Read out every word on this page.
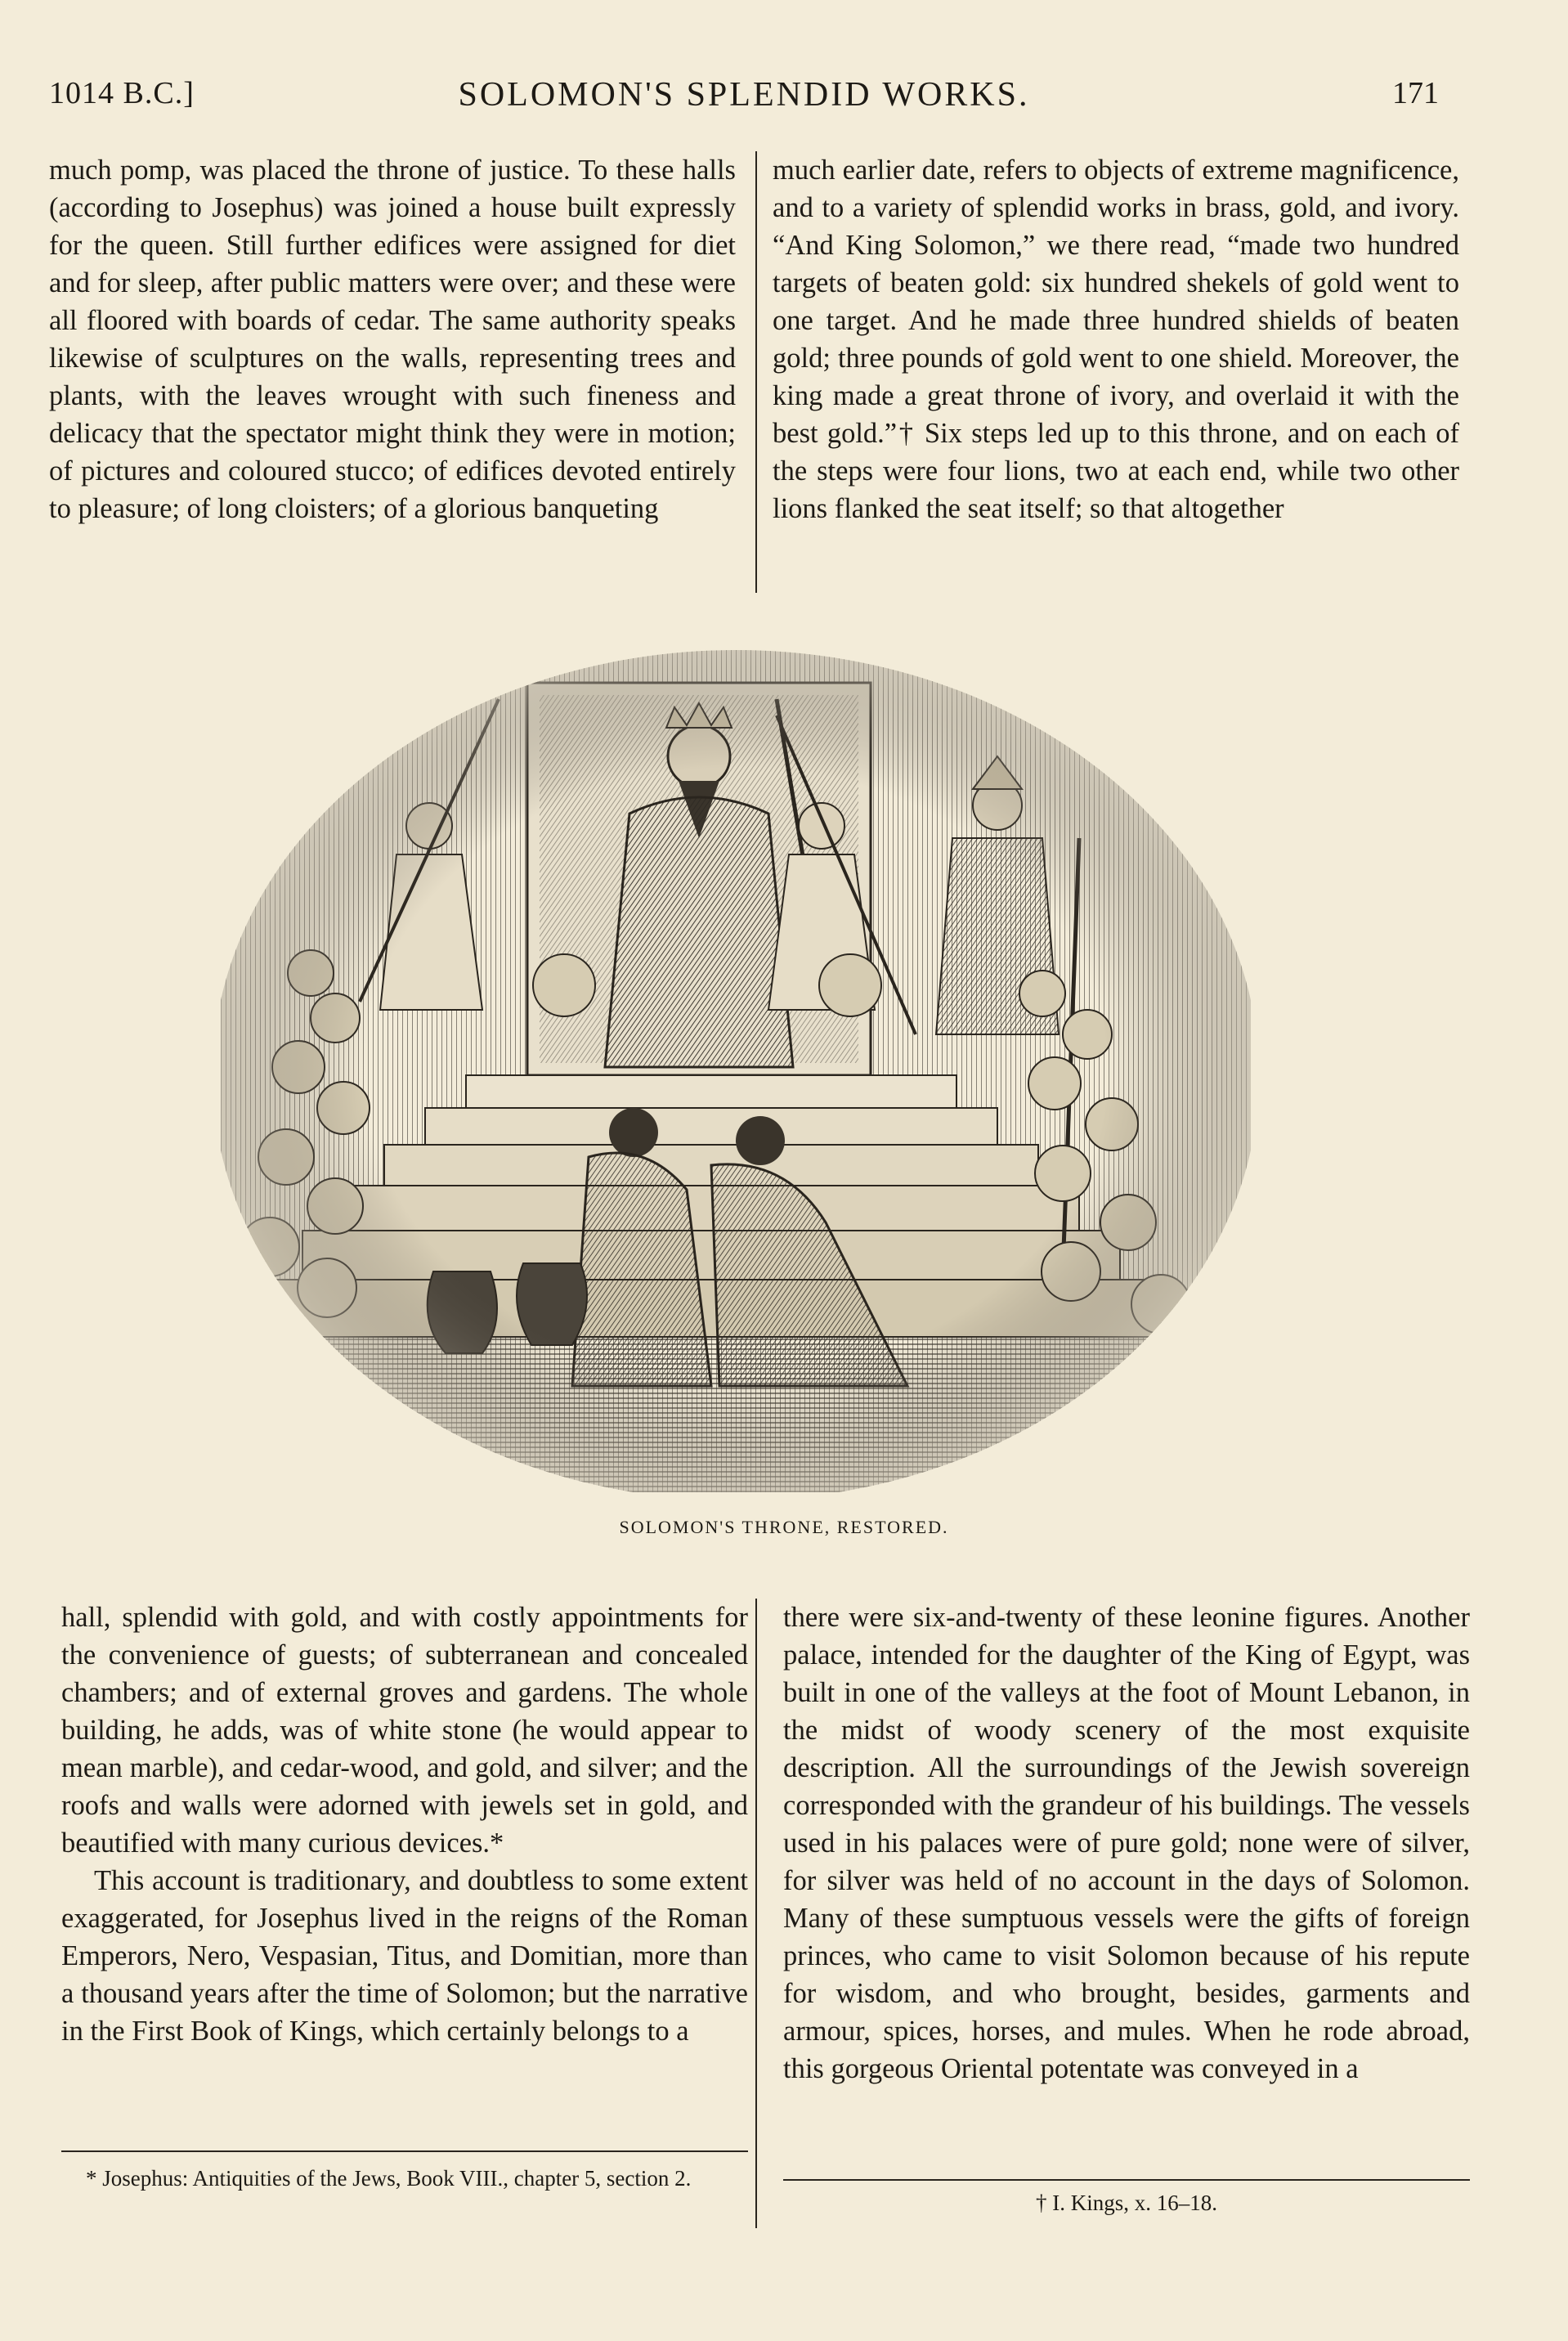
1014 B.C.]	SOLOMON'S SPLENDID WORKS.	171

much pomp, was placed the throne of justice. To these halls (according to Josephus) was joined a house built expressly for the queen. Still further edifices were assigned for diet and for sleep, after public matters were over; and these were all floored with boards of cedar. The same authority speaks likewise of sculptures on the walls, representing trees and plants, with the leaves wrought with such fineness and delicacy that the spectator might think they were in motion; of pictures and coloured stucco; of edifices devoted entirely to pleasure; of long cloisters; of a glorious banqueting

much earlier date, refers to objects of extreme magnificence, and to a variety of splendid works in brass, gold, and ivory. “And King Solomon,” we there read, “made two hundred targets of beaten gold: six hundred shekels of gold went to one target. And he made three hundred shields of beaten gold; three pounds of gold went to one shield. Moreover, the king made a great throne of ivory, and overlaid it with the best gold.”† Six steps led up to this throne, and on each of the steps were four lions, two at each end, while two other lions flanked the seat itself; so that altogether

SOLOMON'S THRONE, RESTORED.

hall, splendid with gold, and with costly appointments for the convenience of guests; of subterranean and concealed chambers; and of external groves and gardens. The whole building, he adds, was of white stone (he would appear to mean marble), and cedar-wood, and gold, and silver; and the roofs and walls were adorned with jewels set in gold, and beautified with many curious devices.*

This account is traditionary, and doubtless to some extent exaggerated, for Josephus lived in the reigns of the Roman Emperors, Nero, Vespasian, Titus, and Domitian, more than a thousand years after the time of Solomon; but the narrative in the First Book of Kings, which certainly belongs to a

there were six-and-twenty of these leonine figures. Another palace, intended for the daughter of the King of Egypt, was built in one of the valleys at the foot of Mount Lebanon, in the midst of woody scenery of the most exquisite description. All the surroundings of the Jewish sovereign corresponded with the grandeur of his buildings. The vessels used in his palaces were of pure gold; none were of silver, for silver was held of no account in the days of Solomon. Many of these sumptuous vessels were the gifts of foreign princes, who came to visit Solomon because of his repute for wisdom, and who brought, besides, garments and armour, spices, horses, and mules. When he rode abroad, this gorgeous Oriental potentate was conveyed in a

* Josephus: Antiquities of the Jews, Book VIII., chapter 5, section 2.
† I. Kings, x. 16–18.
